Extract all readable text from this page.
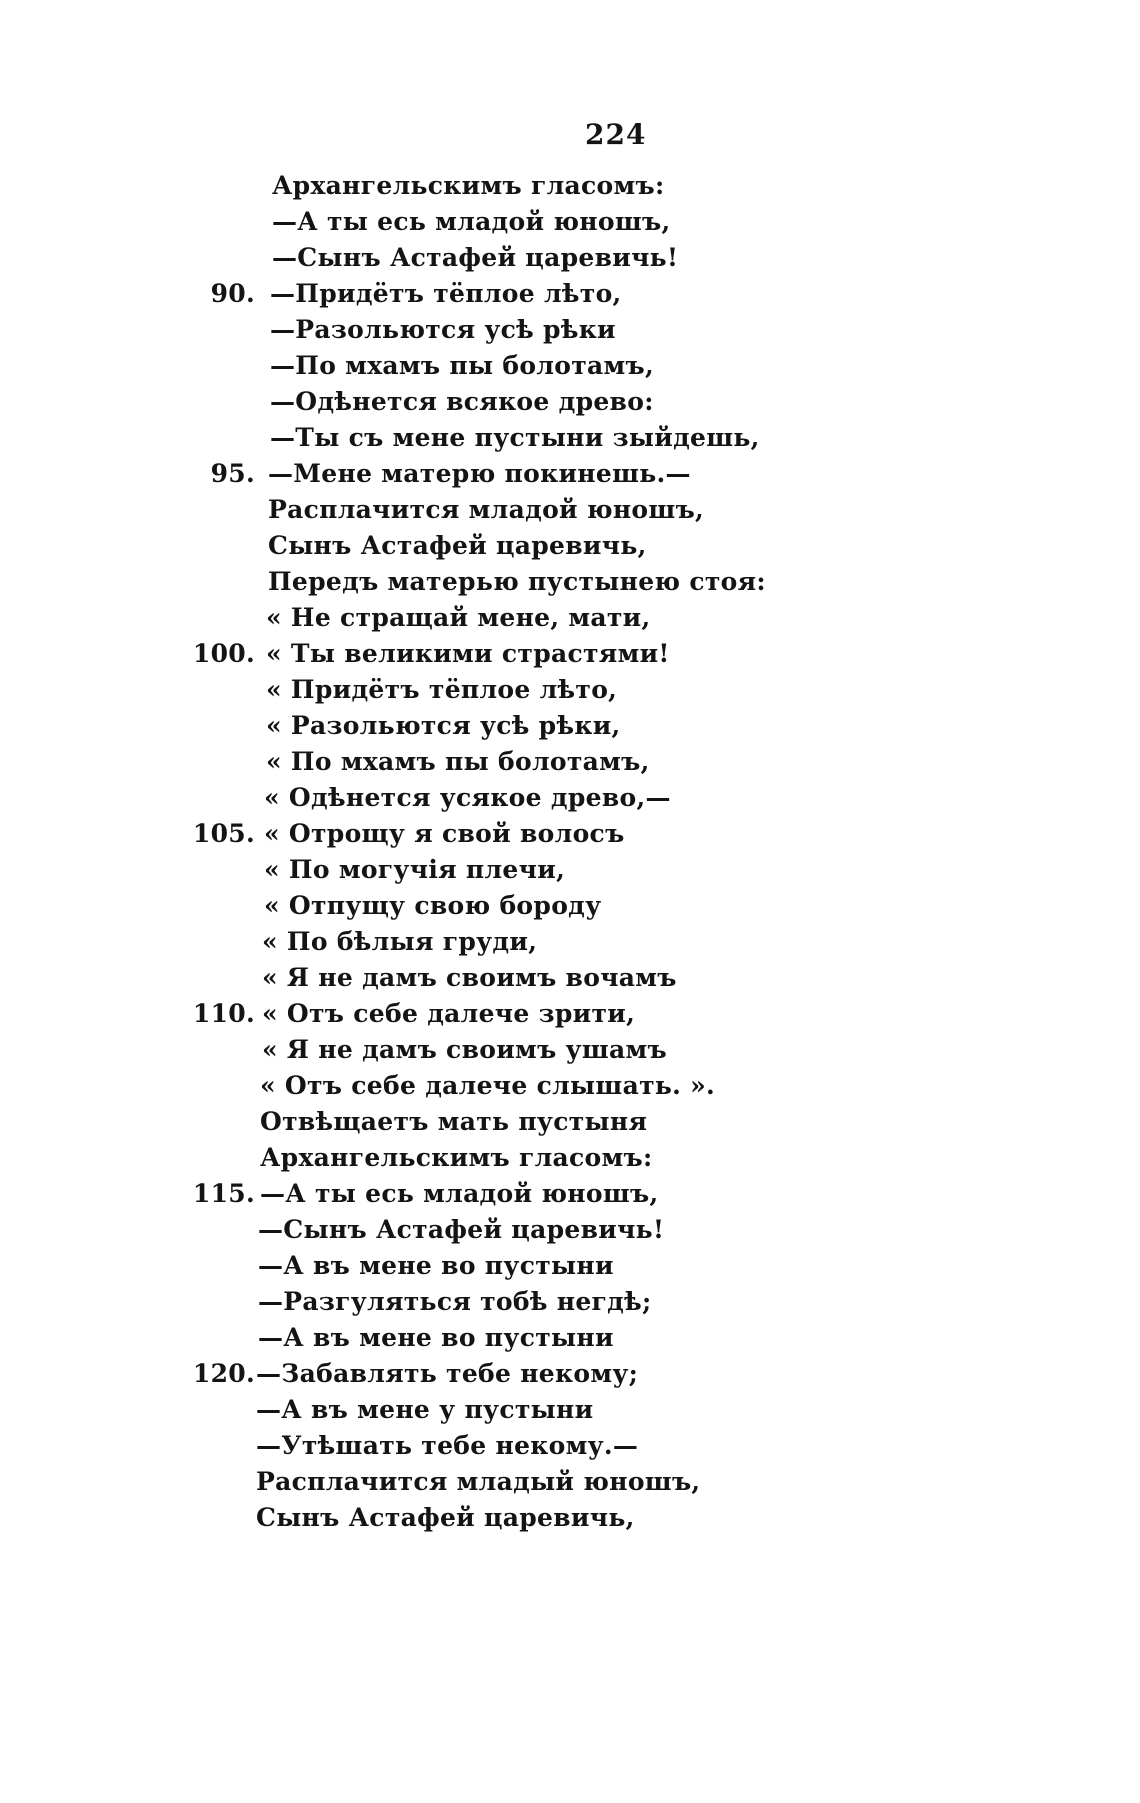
224
Архангельскимъ гласомъ:
—А ты есь младой юношъ,
—Сынъ Астафей царевичь!
90. —Придётъ тёплое лѣто,
—Разольются усѣ рѣки
—По мхамъ пы болотамъ,
—Одѣнется всякое древо:
—Ты съ мене пустыни зыйдешь,
95. —Мене матерю покинешь.—
Расплачится младой юношъ,
Сынъ Астафей царевичь,
Передъ матерью пустынею стоя:
« Не стращай мене, мати,
100. « Ты великими страстями!
« Придётъ тёплое лѣто,
« Разольются усѣ рѣки,
« По мхамъ пы болотамъ,
« Одѣнется усякое древо,—
105. « Отрощу я свой волосъ
« По могучія плечи,
« Отпущу свою бороду
« По бѣлыя груди,
« Я не дамъ своимъ вочамъ
110. « Отъ себе далече зрити,
« Я не дамъ своимъ ушамъ
« Отъ себе далече слышать. ».
Отвѣщаетъ мать пустыня
Архангельскимъ гласомъ:
115. —А ты есь младой юношъ,
—Сынъ Астафей царевичь!
—А въ мене во пустыни
—Разгуляться тобѣ негдѣ;
—А въ мене во пустыни
120. —Забавлять тебе некому;
—А въ мене у пустыни
—Утѣшать тебе некому.—
Расплачится младый юношъ,
Сынъ Астафей царевичь,
